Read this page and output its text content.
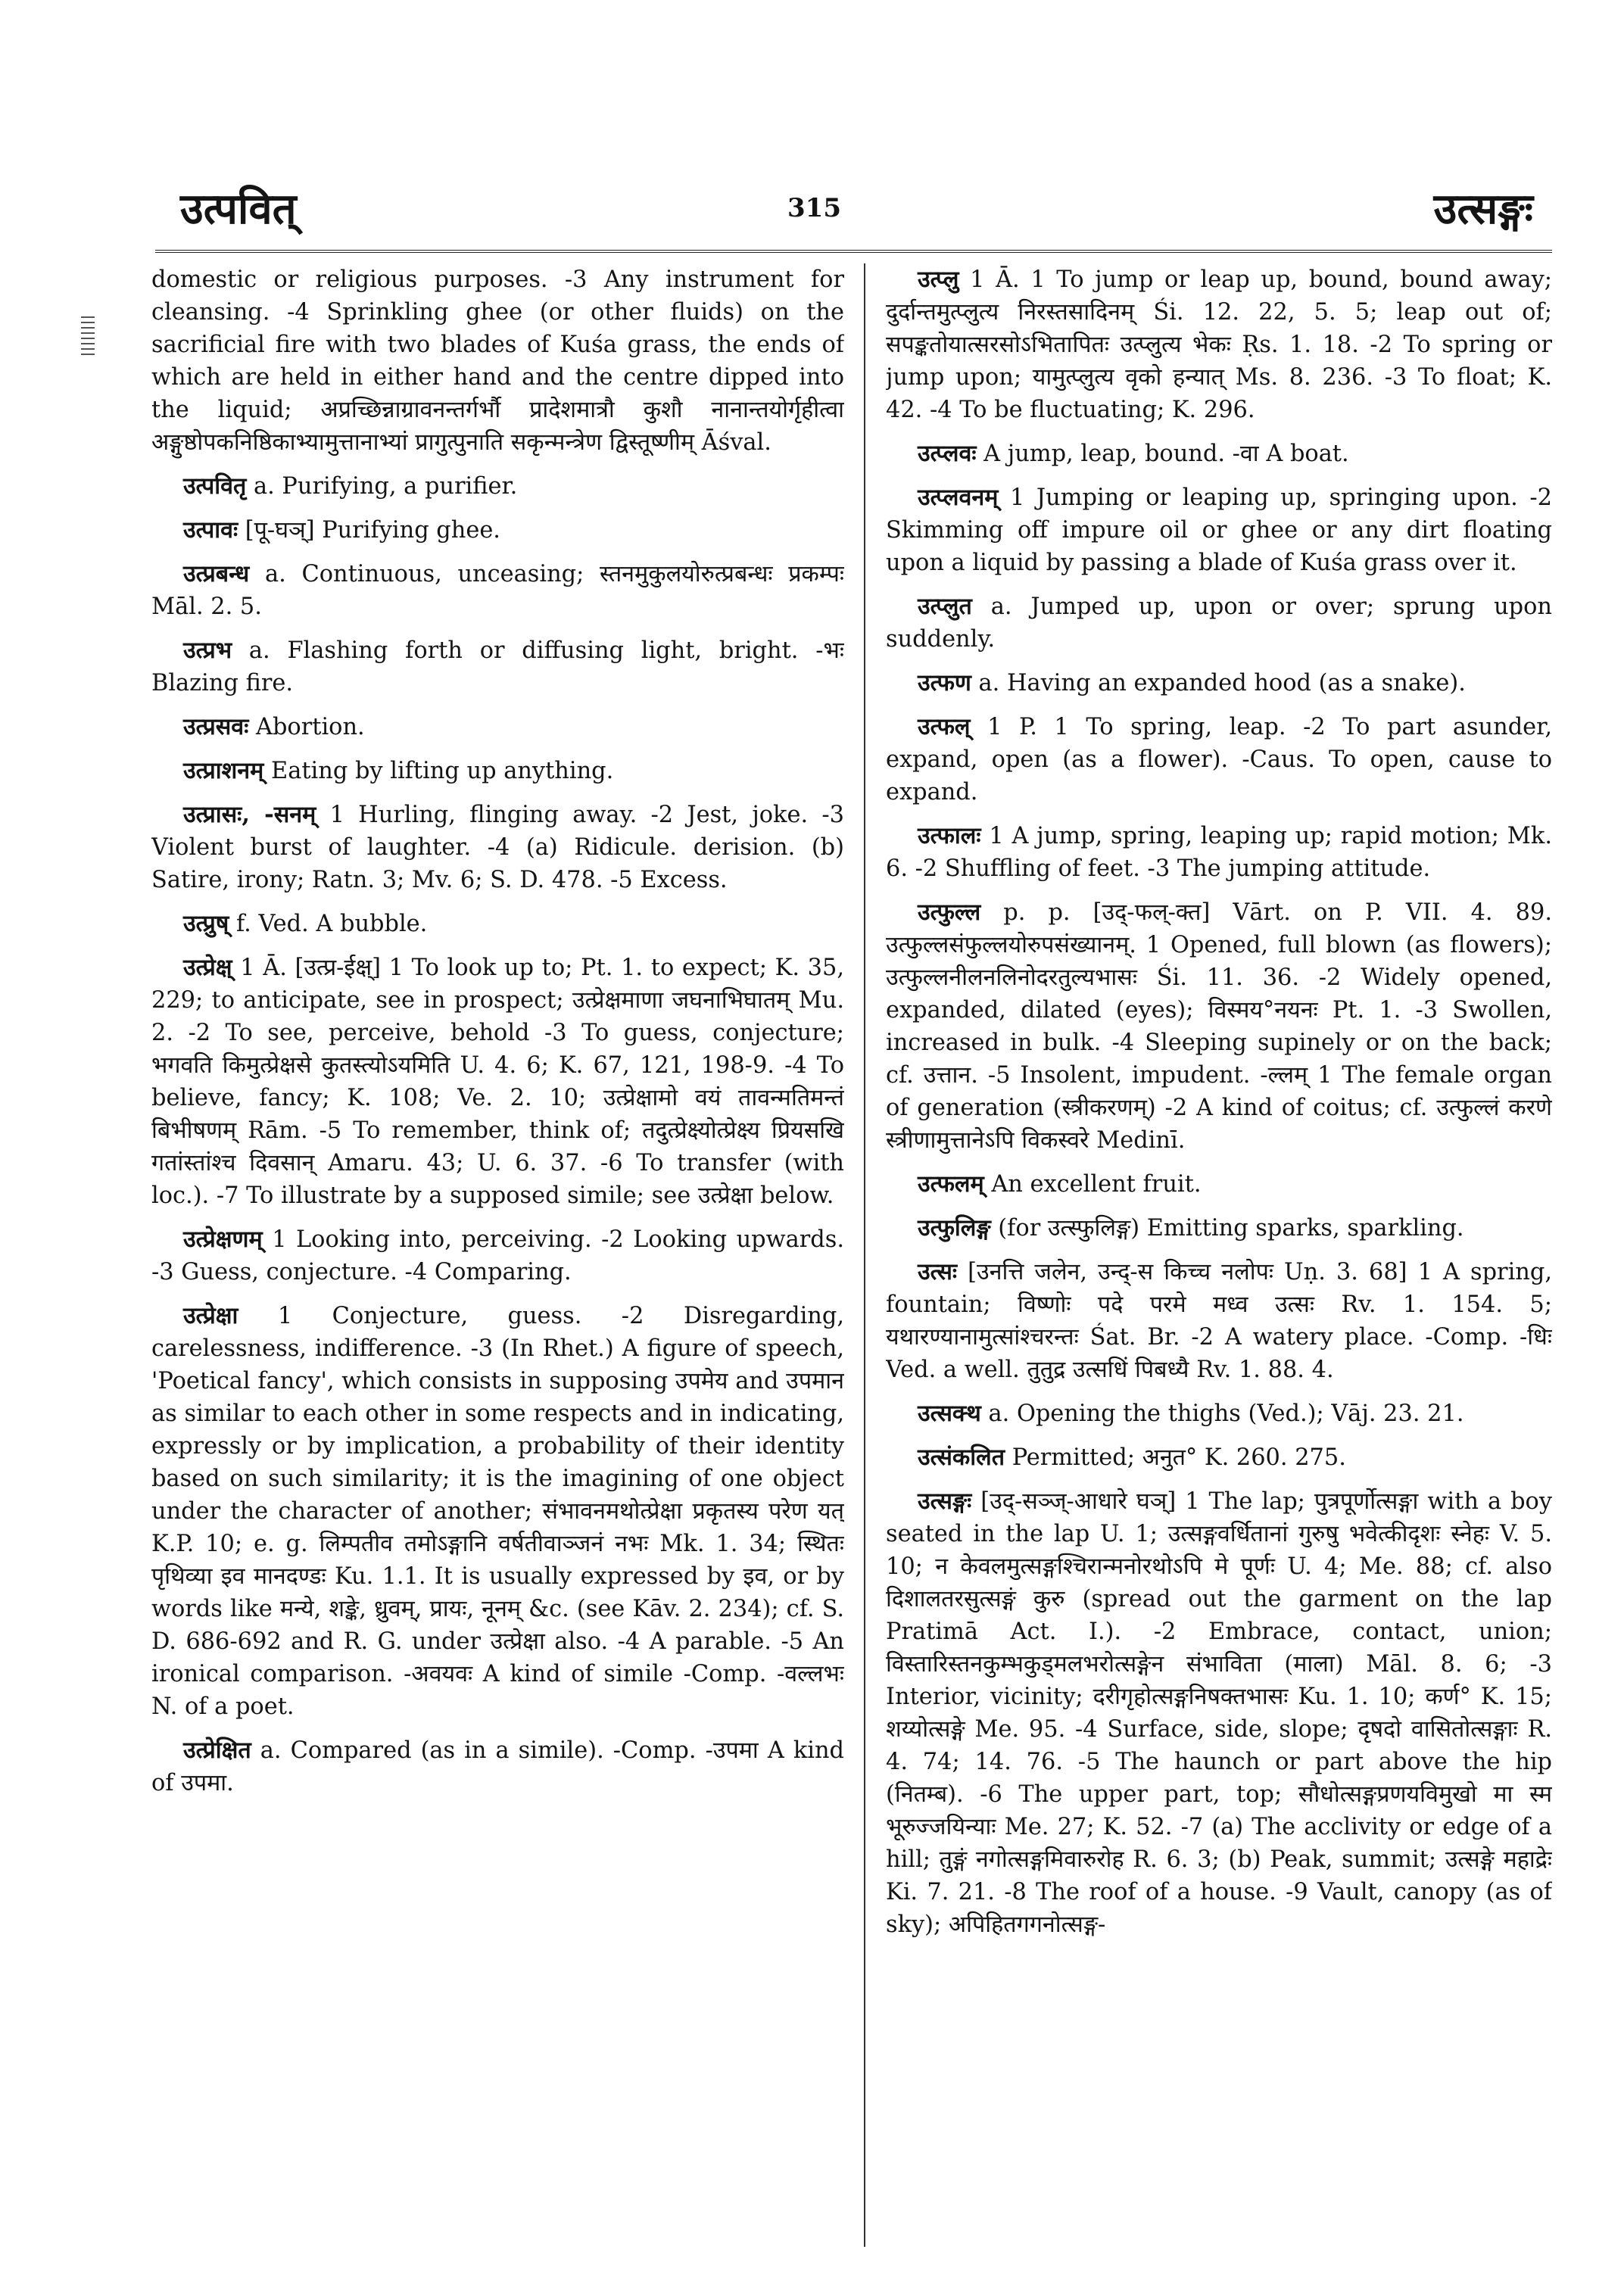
उत्पवित्	315	उत्सङ्गः

domestic or religious purposes. -3 Any instrument for cleansing. -4 Sprinkling ghee (or other fluids) on the sacrificial fire with two blades of Kuśa grass, the ends of which are held in either hand and the centre dipped into the liquid; अप्रच्छिन्नाग्रावनन्तर्गर्भौ प्रादेशमात्रौ कुशौ नानान्तयोर्गृहीत्वा अङ्गुष्ठोपकनिष्ठिकाभ्यामुत्तानाभ्यां प्रागुत्पुनाति सकृन्मन्त्रेण द्विस्तूष्णीम् Āśval.

उत्पवितृ a. Purifying, a purifier.

उत्पावः [पू-घञ्] Purifying ghee.

उत्प्रबन्ध a. Continuous, unceasing; स्तनमुकुलयोरुत्प्रबन्धः प्रकम्पः Māl. 2. 5.

उत्प्रभ a. Flashing forth or diffusing light, bright. -भः Blazing fire.

उत्प्रसवः Abortion.

उत्प्राशनम् Eating by lifting up anything.

उत्प्रासः, -सनम् 1 Hurling, flinging away. -2 Jest, joke. -3 Violent burst of laughter. -4 (a) Ridicule. derision. (b) Satire, irony; Ratn. 3; Mv. 6; S. D. 478. -5 Excess.

उत्प्रुष् f. Ved. A bubble.

उत्प्रेक्ष् 1 Ā. [उत्प्र-ईक्ष्] 1 To look up to; Pt. 1. to expect; K. 35, 229; to anticipate, see in prospect; उत्प्रेक्षमाणा जघनाभिघातम् Mu. 2. -2 To see, perceive, behold -3 To guess, conjecture; भगवति किमुत्प्रेक्षसे कुतस्त्योऽयमिति U. 4. 6; K. 67, 121, 198-9. -4 To believe, fancy; K. 108; Ve. 2. 10; उत्प्रेक्षामो वयं तावन्मतिमन्तं बिभीषणम् Rām. -5 To remember, think of; तदुत्प्रेक्ष्योत्प्रेक्ष्य प्रियसखि गतांस्तांश्च दिवसान् Amaru. 43; U. 6. 37. -6 To transfer (with loc.). -7 To illustrate by a supposed simile; see उत्प्रेक्षा below.

उत्प्रेक्षणम् 1 Looking into, perceiving. -2 Looking upwards. -3 Guess, conjecture. -4 Comparing.

उत्प्रेक्षा 1 Conjecture, guess. -2 Disregarding, carelessness, indifference. -3 (In Rhet.) A figure of speech, 'Poetical fancy', which consists in supposing उपमेय and उपमान as similar to each other in some respects and in indicating, expressly or by implication, a probability of their identity based on such similarity; it is the imagining of one object under the character of another; संभावनमथोत्प्रेक्षा प्रकृतस्य परेण यत् K.P. 10; e. g. लिम्पतीव तमोऽङ्गानि वर्षतीवाञ्जनं नभः Mk. 1. 34; स्थितः पृथिव्या इव मानदण्डः Ku. 1.1. It is usually expressed by इव, or by words like मन्ये, शङ्के, ध्रुवम्, प्रायः, नूनम् &c. (see Kāv. 2. 234); cf. S. D. 686-692 and R. G. under उत्प्रेक्षा also. -4 A parable. -5 An ironical comparison. -अवयवः A kind of simile -Comp. -वल्लभः N. of a poet.

उत्प्रेक्षित a. Compared (as in a simile). -Comp. -उपमा A kind of उपमा.

उत्प्लु 1 Ā. 1 To jump or leap up, bound, bound away; दुर्दान्तमुत्प्लुत्य निरस्तसादिनम् Śi. 12. 22, 5. 5; leap out of; सपङ्कतोयात्सरसोऽभितापितः उत्प्लुत्य भेकः Ṛs. 1. 18. -2 To spring or jump upon; यामुत्प्लुत्य वृको हन्यात् Ms. 8. 236. -3 To float; K. 42. -4 To be fluctuating; K. 296.

उत्प्लवः A jump, leap, bound. -वा A boat.

उत्प्लवनम् 1 Jumping or leaping up, springing upon. -2 Skimming off impure oil or ghee or any dirt floating upon a liquid by passing a blade of Kuśa grass over it.

उत्प्लुत a. Jumped up, upon or over; sprung upon suddenly.

उत्फण a. Having an expanded hood (as a snake).

उत्फल् 1 P. 1 To spring, leap. -2 To part asunder, expand, open (as a flower). -Caus. To open, cause to expand.

उत्फालः 1 A jump, spring, leaping up; rapid motion; Mk. 6. -2 Shuffling of feet. -3 The jumping attitude.

उत्फुल्ल p. p. [उद्-फल्-क्त] Vārt. on P. VII. 4. 89. उत्फुल्लसंफुल्लयोरुपसंख्यानम्. 1 Opened, full blown (as flowers); उत्फुल्लनीलनलिनोदरतुल्यभासः Śi. 11. 36. -2 Widely opened, expanded, dilated (eyes); विस्मय°नयनः Pt. 1. -3 Swollen, increased in bulk. -4 Sleeping supinely or on the back; cf. उत्तान. -5 Insolent, impudent. -ल्लम् 1 The female organ of generation (स्त्रीकरणम्) -2 A kind of coitus; cf. उत्फुल्लं करणे स्त्रीणामुत्तानेऽपि विकस्वरे Medinī.

उत्फलम् An excellent fruit.

उत्फुलिङ्ग (for उत्स्फुलिङ्ग) Emitting sparks, sparkling.

उत्सः [उनत्ति जलेन, उन्द्-स किच्च नलोपः Uṇ. 3. 68] 1 A spring, fountain; विष्णोः पदे परमे मध्व उत्सः Rv. 1. 154. 5; यथारण्यानामुत्सांश्चरन्तः Śat. Br. -2 A watery place. -Comp. -धिः Ved. a well. तुतुद्र उत्सधिं पिबध्यै Rv. 1. 88. 4.

उत्सक्थ a. Opening the thighs (Ved.); Vāj. 23. 21.

उत्संकलित Permitted; अनुत° K. 260. 275.

उत्सङ्गः [उद्-सञ्ज्-आधारे घञ्] 1 The lap; पुत्रपूर्णोत्सङ्गा with a boy seated in the lap U. 1; उत्सङ्गवर्धितानां गुरुषु भवेत्कीदृशः स्नेहः V. 5. 10; न केवलमुत्सङ्गश्चिरान्मनोरथोऽपि मे पूर्णः U. 4; Me. 88; cf. also दिशालतरसुत्सङ्गं कुरु (spread out the garment on the lap Pratimā Act. I.). -2 Embrace, contact, union; विस्तारिस्तनकुम्भकुड्मलभरोत्सङ्गेन संभाविता (माला) Māl. 8. 6; -3 Interior, vicinity; दरीगृहोत्सङ्गनिषक्तभासः Ku. 1. 10; कर्ण° K. 15; शय्योत्सङ्गे Me. 95. -4 Surface, side, slope; दृषदो वासितोत्सङ्गाः R. 4. 74; 14. 76. -5 The haunch or part above the hip (नितम्ब). -6 The upper part, top; सौधोत्सङ्गप्रणयविमुखो मा स्म भूरुज्जयिन्याः Me. 27; K. 52. -7 (a) The acclivity or edge of a hill; तुङ्गं नगोत्सङ्गमिवारुरोह R. 6. 3; (b) Peak, summit; उत्सङ्गे महाद्रेः Ki. 7. 21. -8 The roof of a house. -9 Vault, canopy (as of sky); अपिहितगगनोत्सङ्ग-
